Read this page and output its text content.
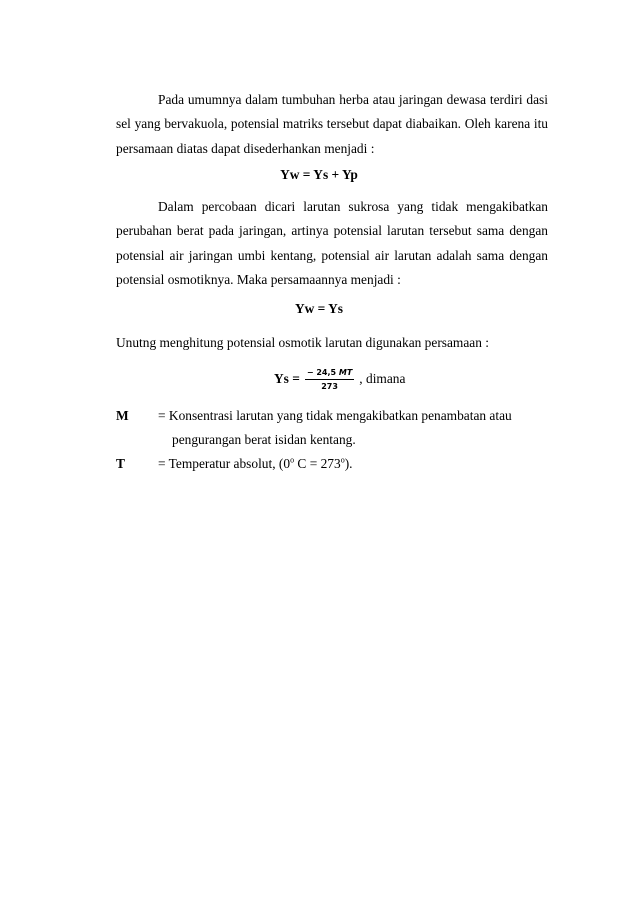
Pada umumnya dalam tumbuhan herba atau jaringan dewasa terdiri dasi sel yang bervakuola, potensial matriks tersebut dapat diabaikan. Oleh karena itu persamaan diatas dapat disederhankan menjadi :

Yw = Ys + Yp

Dalam percobaan dicari larutan sukrosa yang tidak mengakibatkan perubahan berat pada jaringan, artinya potensial larutan tersebut sama dengan potensial air jaringan umbi kentang, potensial air larutan adalah sama dengan potensial osmotiknya. Maka persamaannya menjadi :

Yw = Ys

Unutng menghitung potensial osmotik larutan digunakan persamaan :

$Ys = \frac{- 24,5 MT}{273}$ , dimana
M = Konsentrasi larutan yang tidak mengakibatkan penambatan atau
pengurangan berat isidan kentang.
T = Temperatur absolut, (0$^o$ $C = 273^o$).
